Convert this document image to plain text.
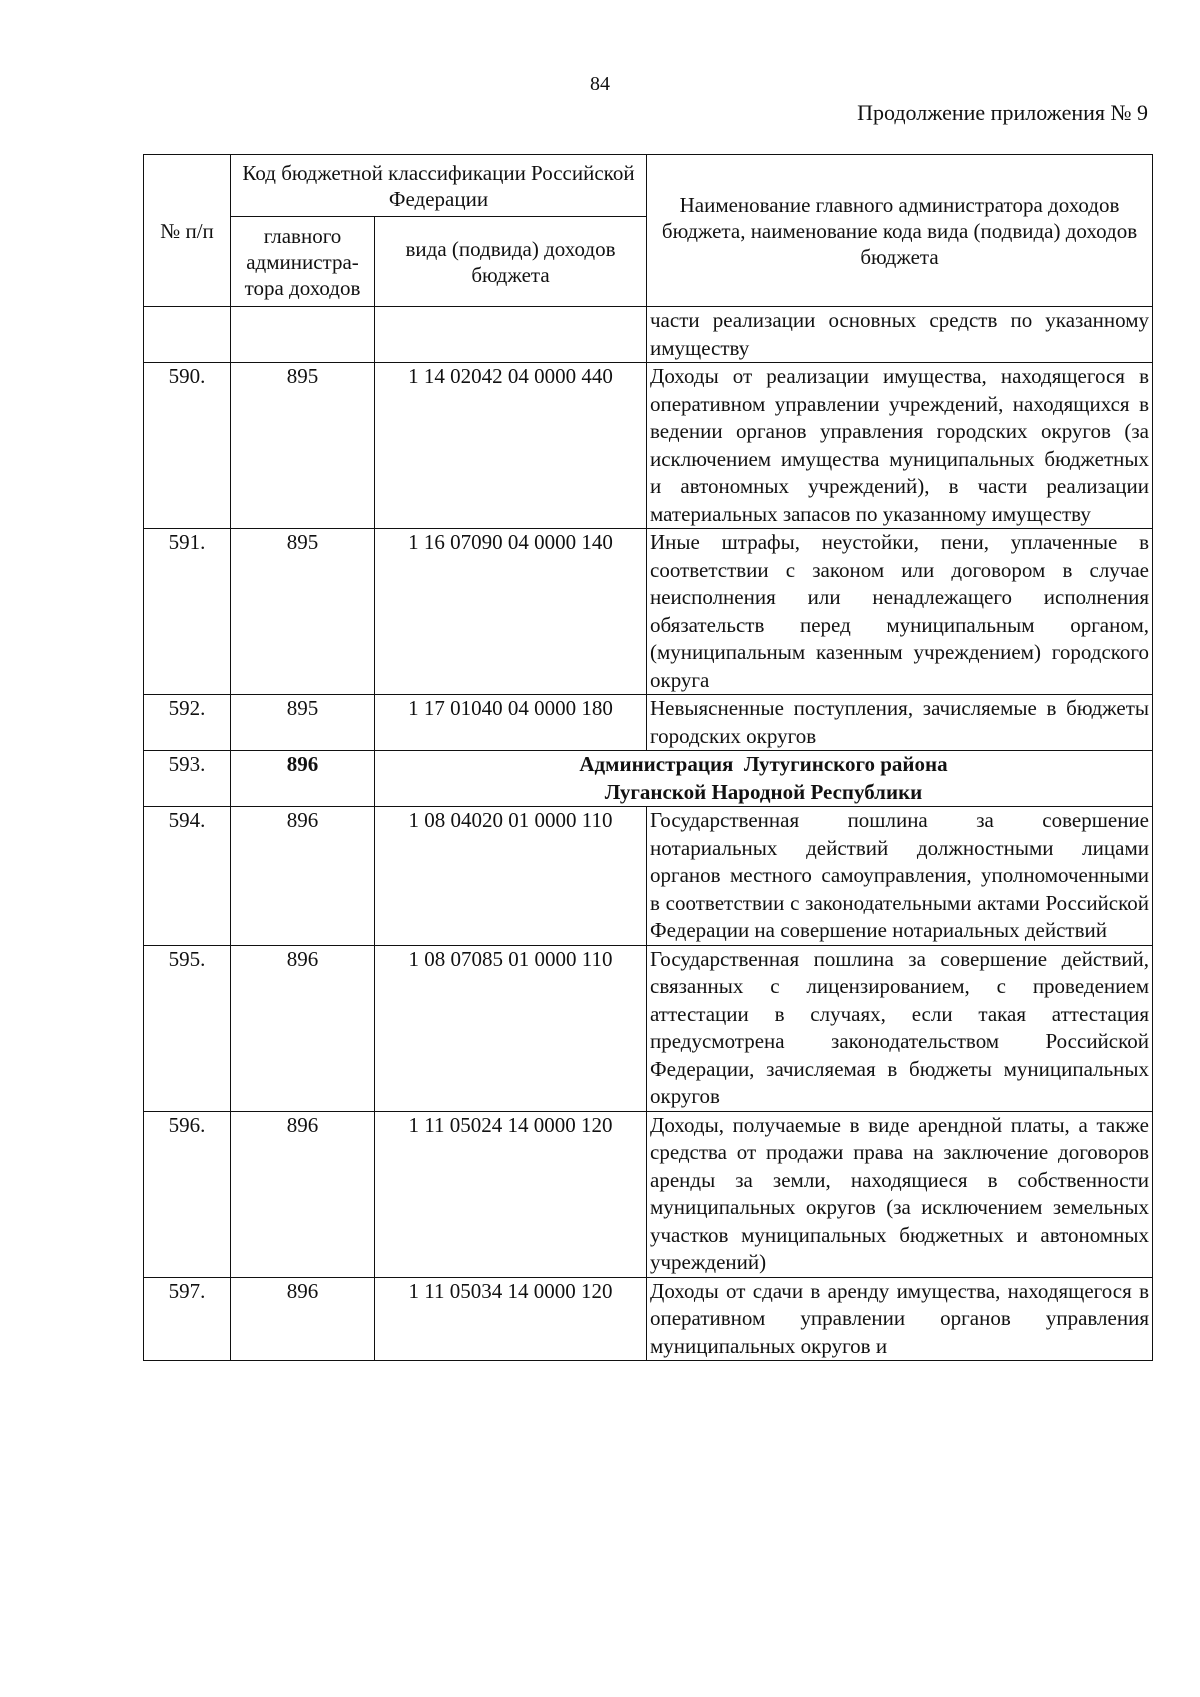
84
Продолжение приложения № 9
№ п/п	Код бюджетной классификации Российской Федерации		Наименование главного администратора доходов бюджета, наименование кода вида (подвида) доходов бюджета
	главного администра-тора доходов	вида (подвида) доходов бюджета	
			части реализации основных средств по указанному имуществу
590.	895	1 14 02042 04 0000 440	Доходы от реализации имущества, находящегося в оперативном управлении учреждений, находящихся в ведении органов управления городских округов (за исключением имущества муниципальных бюджетных и автономных учреждений), в части реализации материальных запасов по указанному имуществу
591.	895	1 16 07090 04 0000 140	Иные штрафы, неустойки, пени, уплаченные в соответствии с законом или договором в случае неисполнения или ненадлежащего исполнения обязательств перед муниципальным органом, (муниципальным казенным учреждением) городского округа
592.	895	1 17 01040 04 0000 180	Невыясненные поступления, зачисляемые в бюджеты городских округов
593.	896	Администрация  Лутугинского района
Луганской Народной Республики	

594.	896	1 08 04020 01 0000 110	Государственная пошлина за совершение нотариальных действий должностными лицами органов местного самоуправления, уполномоченными в соответствии с законодательными актами Российской Федерации на совершение нотариальных действий
595.	896	1 08 07085 01 0000 110	Государственная пошлина за совершение действий, связанных с лицензированием, с проведением аттестации в случаях, если такая аттестация предусмотрена законодательством Российской Федерации, зачисляемая в бюджеты муниципальных округов
596.	896	1 11 05024 14 0000 120	Доходы, получаемые в виде арендной платы, а также средства от продажи права на заключение договоров аренды за земли, находящиеся в собственности муниципальных округов (за исключением земельных участков муниципальных бюджетных и автономных учреждений)
597.	896	1 11 05034 14 0000 120	Доходы от сдачи в аренду имущества, находящегося в оперативном управлении органов управления муниципальных округов и
